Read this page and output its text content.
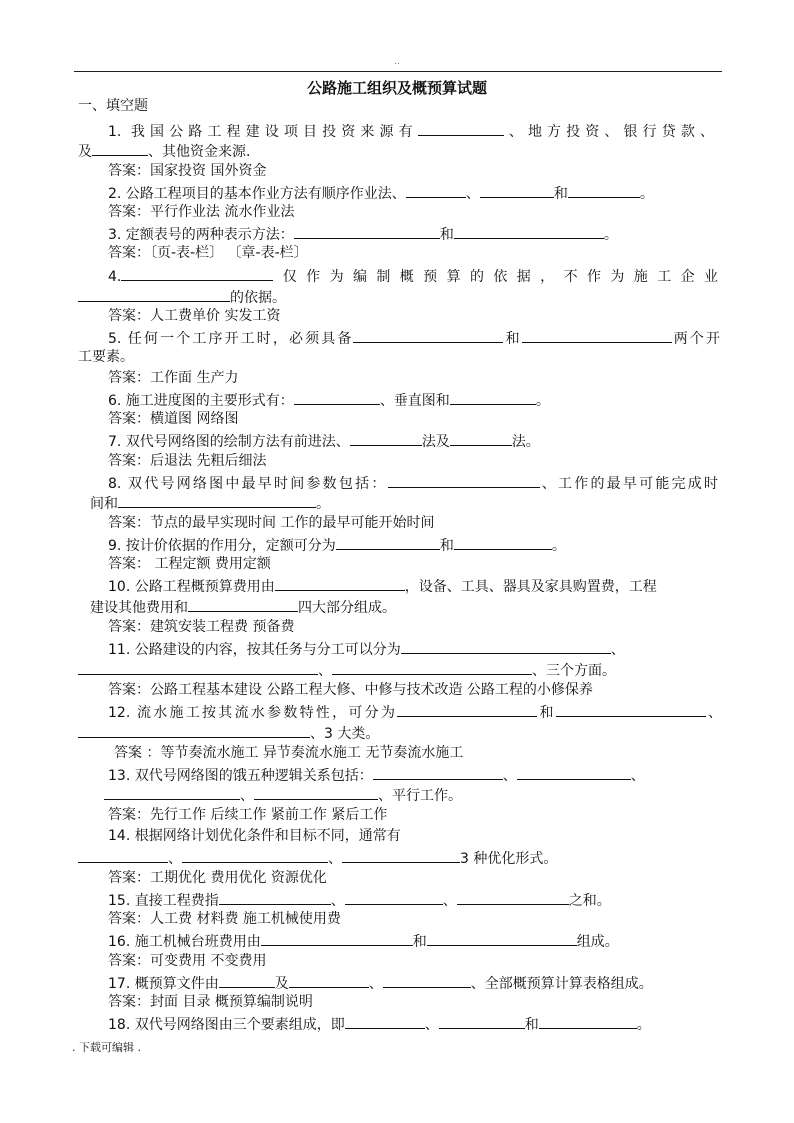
..
公路施工组织及概预算试题
一、填空题
1. 我国公路工程建设项目投资来源有	、地方投资、银行贷款、
及	、其他资金来源.
答案：国家投资 国外资金
2. 公路工程项目的基本作业方法有顺序作业法、	、	和	。
答案：平行作业法 流水作业法
3. 定额表号的两种表示方法：	和	。
答案：〔页-表-栏〕 〔章-表-栏〕
4.	仅作为编制概预算的依据，不作为施工企业
的依据。
答案：人工费单价 实发工资
5. 任何一个工序开工时，必须具备	和	两个开
工要素。
答案：工作面 生产力
6. 施工进度图的主要形式有：	、垂直图和	。
答案：横道图 网络图
7. 双代号网络图的绘制方法有前进法、	法及	法。
答案：后退法 先粗后细法
8. 双代号网络图中最早时间参数包括：	、工作的最早可能完成时
间和	。
答案：节点的最早实现时间 工作的最早可能开始时间
9. 按计价依据的作用分，定额可分为	和	。
答案： 工程定额 费用定额
10. 公路工程概预算费用由	，设备、工具、器具及家具购置费，工程
建设其他费用和	四大部分组成。
答案：建筑安装工程费 预备费
11. 公路建设的内容，按其任务与分工可以分为	、
、	、三个方面。
答案：公路工程基本建设 公路工程大修、中修与技术改造 公路工程的小修保养
12. 流水施工按其流水参数特性，可分为	和	、
、3 大类。
答案 ：等节奏流水施工 异节奏流水施工 无节奏流水施工
13. 双代号网络图的饿五种逻辑关系包括：	、	、
、	、平行工作。
答案：先行工作 后续工作 紧前工作 紧后工作
14. 根据网络计划优化条件和目标不同，通常有
、	、	3 种优化形式。
答案：工期优化 费用优化 资源优化
15. 直接工程费指	、	、	之和。
答案：人工费 材料费 施工机械使用费
16. 施工机械台班费用由	和	组成。
答案：可变费用 不变费用
17. 概预算文件由	及	、	、全部概预算计算表格组成。
答案：封面 目录 概预算编制说明
18. 双代号网络图由三个要素组成，即	、	和	。
. 下载可编辑 .
